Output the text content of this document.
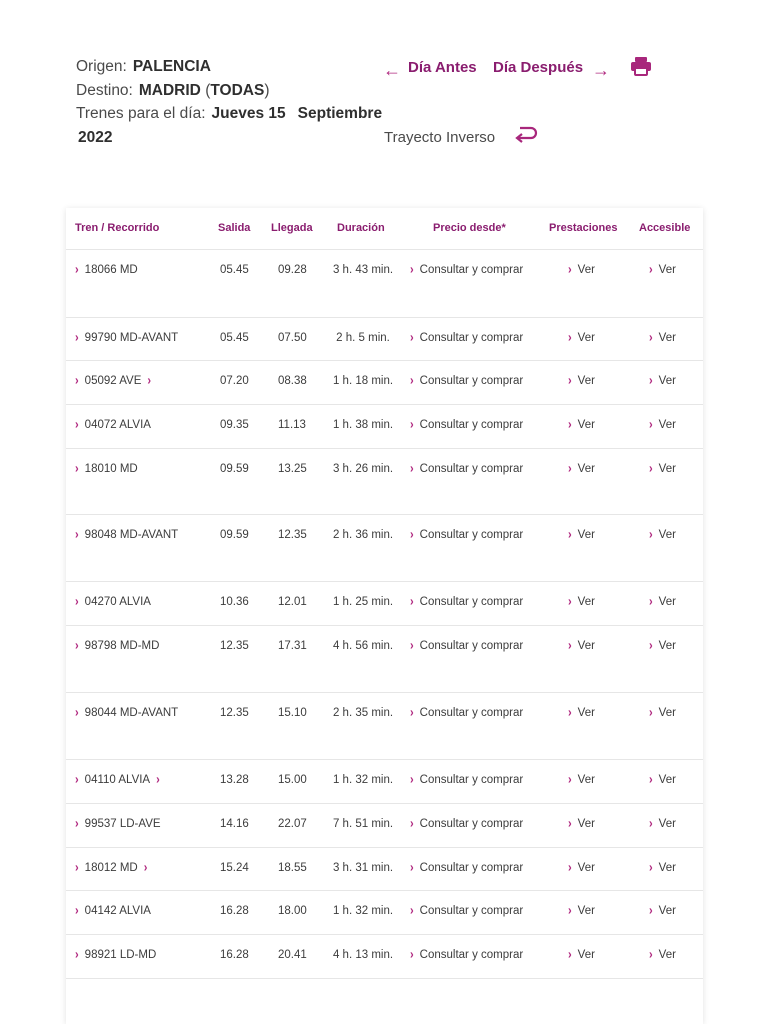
Origen: PALENCIA
Destino: MADRID (TODAS)
Trenes para el día: Jueves 15 Septiembre
2022
← Día Antes Día Después →
Trayecto Inverso
Tren / Recorrido	Salida Llegada Duración	Precio desde*	Prestaciones Accesible
› 18066 MD	05.45	09.28	3 h. 43 min.	› Consultar y comprar	› Ver	› Ver
› 99790 MD-AVANT	05.45	07.50	2 h. 5 min.	› Consultar y comprar	› Ver	› Ver
› 05092 AVE ›	07.20	08.38	1 h. 18 min.	› Consultar y comprar	› Ver	› Ver
› 04072 ALVIA	09.35	11.13	1 h. 38 min.	› Consultar y comprar	› Ver	› Ver
› 18010 MD	09.59	13.25	3 h. 26 min.	› Consultar y comprar	› Ver	› Ver
› 98048 MD-AVANT	09.59	12.35	2 h. 36 min.	› Consultar y comprar	› Ver	› Ver
› 04270 ALVIA	10.36	12.01	1 h. 25 min.	› Consultar y comprar	› Ver	› Ver
› 98798 MD-MD	12.35	17.31	4 h. 56 min.	› Consultar y comprar	› Ver	› Ver
› 98044 MD-AVANT	12.35	15.10	2 h. 35 min.	› Consultar y comprar	› Ver	› Ver
› 04110 ALVIA ›	13.28	15.00	1 h. 32 min.	› Consultar y comprar	› Ver	› Ver
› 99537 LD-AVE	14.16	22.07	7 h. 51 min.	› Consultar y comprar	› Ver	› Ver
› 18012 MD ›	15.24	18.55	3 h. 31 min.	› Consultar y comprar	› Ver	› Ver
› 04142 ALVIA	16.28	18.00	1 h. 32 min.	› Consultar y comprar	› Ver	› Ver
› 98921 LD-MD	16.28	20.41	4 h. 13 min.	› Consultar y comprar	› Ver	› Ver
